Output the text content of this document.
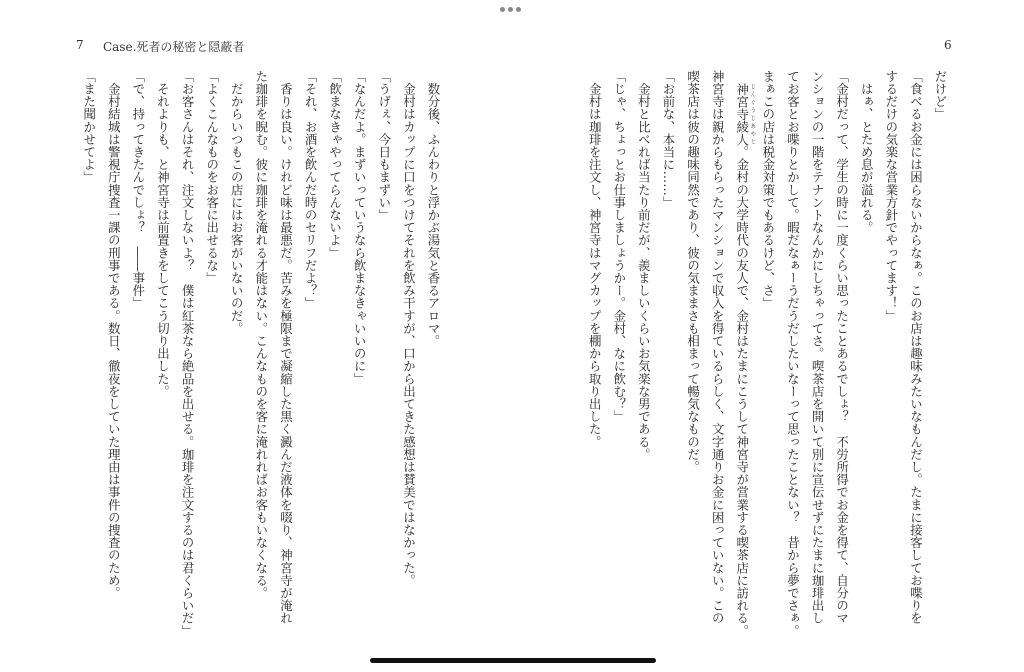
7 Case.死者の秘密と隠蔽者	6
だけど」
「食べるお金には困らないからなぁ。このお店は趣味みたいなもんだし。たまに接客してお喋りを
するだけの気楽な営業方針でやってます！」
　はぁ、とため息が溢れる。
「金村だって、学生の時に一度くらい思ったことあるでしょ？　不労所得でお金を得て、自分のマ
ンションの一階をテナントなんかにしちゃってさ。喫茶店を開いて別に宣伝せずにたまに珈琲出し
てお客とお喋りとかして。暇だなぁーうだうだしたいなーって思ったことない？　昔から夢でさぁ。
まぁこの店は税金対策でもあるけど、さ」
　神宮寺綾人 じんぐうじあやと。金村の大学時代の友人で、金村はたまにこうして神宮寺が営業する喫茶店に訪れる。
神宮寺は親からもらったマンションで収入を得ているらしく、文字通りお金に困っていない。この
喫茶店は彼の趣味同然であり、彼の気ままさも相まって暢気なものだ。
「お前な、本当に……」
　金村と比べれば当たり前だが、羨ましいくらいお気楽な男である。
「じゃ、ちょっとお仕事しましょうかー。金村、なに飲む？」
　金村は珈琲を注文し、神宮寺はマグカップを棚から取り出した。
　数分後、ふんわりと浮かぶ湯気と香るアロマ。
　金村はカップに口をつけてそれを飲み干すが、口から出てきた感想は賛美ではなかった。
「うげぇ、今日もまずい」
「なんだよ。まずいっていうなら飲まなきゃいいのに」
「飲まなきゃやってらんないよ」
「それ、お酒を飲んだ時のセリフだよ？」
　香りは良い。けれど味は最悪だ。苦みを極限まで凝縮した黒く澱んだ液体を啜り、神宮寺が淹れ
た珈琲を睨む。彼に珈琲を淹れる才能はない。こんなものを客に淹れればお客もいなくなる。
　だからいつもこの店にはお客がいないのだ。
「よくこんなものをお客に出せるな」
「お客さんはそれ、注文しないよ？　僕は紅茶なら絶品を出せる。珈琲を注文するのは君くらいだ」
　それよりも、と神宮寺は前置きをしてこう切り出した。
「で、持ってきたんでしょ？　――事件」
　金村結城は警視庁捜査一課の刑事である。数日、徹夜をしていた理由は事件の捜査のため。
「また聞かせてよ」
